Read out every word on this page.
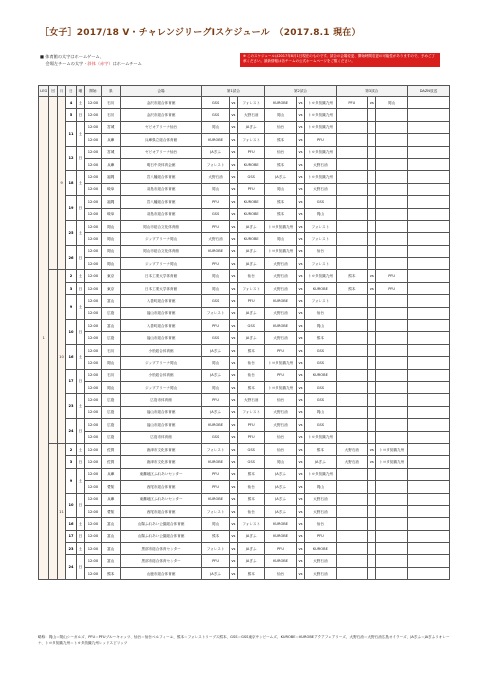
［女子］2017/18 V・チャレンジリーグⅠスケジュール　（2017.8.1 現在）
■ 体育館の太字はホームゲーム、
　 会場左チームの太字・斜体（赤字）はホームチーム
※ このスケジュールは2017年8月1日現在のものです。試合の会場変更、開始時間変更の可能性がありますので、予めご了承ください。最新情報は各チームの公式ホームページをご覧ください。
LEG	回	月	日	曜	開始	県	会場	第1試合			第2試合			第3試合			DAZN放送
1		9	4	土	12:00	石川	金沢市総合体育館	GSS	vs	フォレスト	KUROBE	vs	トヨタ紡織九州	PFU	vs	岡山	
			5	日	12:00	石川	金沢市総合体育館	GSS	vs	大野石油	岡山	vs	トヨタ紡織九州				
			11	土	12:00	宮城	ゼビオアリーナ仙台	岡山	vs	JAぎふ	仙台	vs	トヨタ紡織九州				
					12:00	兵庫	兵庫県立総合体育館	KUROBE	vs	フォレスト	熊本	vs	PFU				
			12	日	12:00	宮城	ゼビオアリーナ仙台	JAぎふ	vs	PFU	仙台	vs	トヨタ紡織九州				
					12:00	兵庫	明石中央体育会館	フォレスト	vs	KUROBE	熊本	vs	大野石油				
			18	土	12:00	福岡	宮八幡総合体育館	大野石油	vs	GSS	JAぎふ	vs	トヨタ紡織九州				
					12:00	岐阜	羽島市総合体育館	岡山	vs	PFU	岡山	vs	大野石油				
			19	日	12:00	福岡	宮八幡総合体育館	PFU	vs	KUROBE	熊本	vs	GSS				
					12:00	岐阜	羽島市総合体育館	GSS	vs	KUROBE	熊本	vs	岡山				
			25	土	12:00	岡山	岡山市総合文化体育館	PFU	vs	JAぎふ	トヨタ紡織九州	vs	フォレスト				
					12:00	岡山	ジップアリーナ岡山	大野石油	vs	KUROBE	岡山	vs	フォレスト				
			26	日	12:00	岡山	岡山市総合文化体育館	KUROBE	vs	JAぎふ	トヨタ紡織九州	vs	仙台				
					12:00	岡山	ジップアリーナ岡山	PFU	vs	JAぎふ	大野石油	vs	フォレスト				
		10	2	土	12:00	東京	日本工業大学体育館	岡山	vs	仙台	大野石油	vs	トヨタ紡織九州	熊本	vs	PFU	
			3	日	12:00	東京	日本工業大学体育館	岡山	vs	フォレスト	大野石油	vs	KUROBE	熊本	vs	PFU	
			9	土	12:00	富山	入善町総合体育館	GSS	vs	PFU	KUROBE	vs	フォレスト				
					12:00	広島	福山市総合体育館	フォレスト	vs	JAぎふ	大野石油	vs	仙台				
			10	日	12:00	富山	入善町総合体育館	PFU	vs	GSS	KUROBE	vs	岡山				
					12:00	広島	福山市総合体育館	GSS	vs	JAぎふ	大野石油	vs	熊本				
			16	土	12:00	石川	小松総合体育館	JAぎふ	vs	熊本	PFU	vs	GSS				
					12:00	岡山	ジップアリーナ岡山	岡山	vs	仙台	トヨタ紡織九州	vs	GSS				
			17	日	12:00	石川	小松総合体育館	JAぎふ	vs	仙台	PFU	vs	KUROBE				
					12:00	岡山	ジップアリーナ岡山	岡山	vs	熊本	トヨタ紡織九州	vs	GSS				
			23	土	12:00	広島	広島市体育館	PFU	vs	大野石油	仙台	vs	GSS				
					12:00	広島	福山市総合体育館	JAぎふ	vs	フォレスト	大野石油	vs	岡山				
			24	日	12:00	広島	福山市総合体育館	KUROBE	vs	PFU	大野石油	vs	GSS				
					12:00	広島	広島市体育館	GSS	vs	PFU	仙台	vs	トヨタ紡織九州				
		11	2	土	12:00	佐賀	唐津市文化体育館	フォレスト	vs	GSS	仙台	vs	熊本	大野石油	vs	トヨタ紡織九州	
			3	日	12:00	佐賀	唐津市文化体育館	KUROBE	vs	GSS	岡山	vs	JAぎふ	大野石油	vs	トヨタ紡織九州	
			9	土	12:00	兵庫	東灘地区ふれあいセンター	PFU	vs	熊本	JAぎふ	vs	トヨタ紡織九州				
					12:00	愛知	西尾市総合体育館	PFU	vs	仙台	JAぎふ	vs	岡山				
			10	日	12:00	兵庫	東灘地区ふれあいセンター	KUROBE	vs	熊本	JAぎふ	vs	大野石油				
					12:00	愛知	西尾市総合体育館	フォレスト	vs	仙台	JAぎふ	vs	大野石油				
			16	土	12:00	富山	山陽ふれあい公園総合体育館	岡山	vs	フォレスト	KUROBE	vs	仙台				
			17	日	12:00	富山	山陽ふれあい公園総合体育館	熊本	vs	JAぎふ	KUROBE	vs	PFU				
			23	土	12:00	富山	黒部市総合体育センター	フォレスト	vs	JAぎふ	PFU	vs	KUROBE				
			24	日	12:00	富山	黒部市総合体育センター	PFU	vs	JAぎふ	KUROBE	vs	大野石油				
					12:00	熊本	山鹿市総合体育館	JAぎふ	vs	熊本	仙台	vs	大野石油				
略称：岡山＝岡山シーガルズ、PFU＝PFUブルーキャッツ、仙台＝仙台ベルフィーユ、熊本＝フォレストリーブス熊本、GSS＝GSS東京サンビームズ、KUROBE＝KUROBEアクアフェアリーズ、大野石油＝大野石油広島オイラーズ、JAぎふ＝JAぎふリオレーナ、トヨタ紡織九州＝トヨタ紡織九州レッドスピリッツ
